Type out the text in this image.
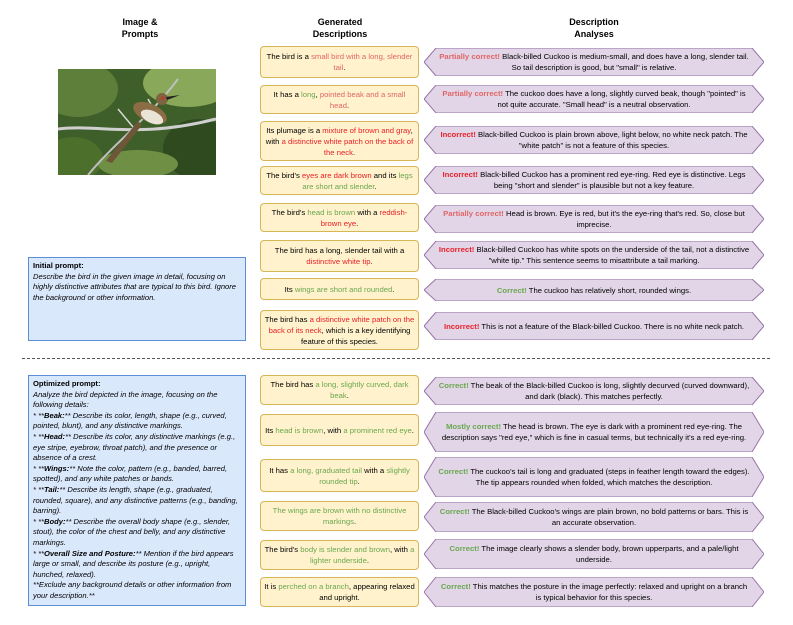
Image &
Prompts
Generated
Descriptions
Description
Analyses
Initial prompt:
Describe the bird in the given image in detail, focusing on highly distinctive attributes that are typical to this bird. Ignore the background or other information.
Optimized prompt:
Analyze the bird depicted in the image, focusing on the following details:
* **Beak:** Describe its color, length, shape (e.g., curved, pointed, blunt), and any distinctive markings.
* **Head:** Describe its color, any distinctive markings (e.g., eye stripe, eyebrow, throat patch), and the presence or absence of a crest.
* **Wings:** Note the color, pattern (e.g., banded, barred, spotted), and any white patches or bands.
* **Tail:** Describe its length, shape (e.g., graduated, rounded, square), and any distinctive patterns (e.g., banding, barring).
* **Body:** Describe the overall body shape (e.g., slender, stout), the color of the chest and belly, and any distinctive markings.
* **Overall Size and Posture:** Mention if the bird appears large or small, and describe its posture (e.g., upright, hunched, relaxed).
**Exclude any background details or other information from your description.**
The bird is a small bird with a long, slender tail.
Partially correct! Black-billed Cuckoo is medium-small, and does have a long, slender tail. So tail description is good, but "small" is relative.
It has a long, pointed beak and a small head.
Partially correct! The cuckoo does have a long, slightly curved beak, though "pointed" is not quite accurate. "Small head" is a neutral observation.
Its plumage is a mixture of brown and gray, with a distinctive white patch on the back of the neck.
Incorrect! Black-billed Cuckoo is plain brown above, light below, no white neck patch. The "white patch" is not a feature of this species.
The bird's eyes are dark brown and its legs are short and slender.
Incorrect! Black-billed Cuckoo has a prominent red eye-ring. Red eye is distinctive. Legs being "short and slender" is plausible but not a key feature.
The bird's head is brown with a reddish-brown eye.
Partially correct! Head is brown. Eye is red, but it's the eye-ring that's red. So, close but imprecise.
The bird has a long, slender tail with a distinctive white tip.
Incorrect! Black-billed Cuckoo has white spots on the underside of the tail, not a distinctive "white tip." This sentence seems to misattribute a tail marking.
Its wings are short and rounded.	Correct! The cuckoo has relatively short, rounded wings.
The bird has a distinctive white patch on the back of its neck, which is a key identifying feature of this species.
Incorrect! This is not a feature of the Black-billed Cuckoo. There is no white neck patch.
The bird has a long, slightly curved, dark beak.
Correct! The beak of the Black-billed Cuckoo is long, slightly decurved (curved downward), and dark (black). This matches perfectly.
Its head is brown, with a prominent red eye.	Mostly correct! The head is brown. The eye is dark with a prominent red eye-ring. The description says "red eye," which is fine in casual terms, but technically it's a red eye-ring.
It has a long, graduated tail with a slightly rounded tip.
Correct! The cuckoo's tail is long and graduated (steps in feather length toward the edges). The tip appears rounded when folded, which matches the description.
The wings are brown with no distinctive markings.
Correct! The Black-billed Cuckoo's wings are plain brown, no bold patterns or bars. This is an accurate observation.
The bird's body is slender and brown, with a lighter underside.
Correct! The image clearly shows a slender body, brown upperparts, and a pale/light underside.
It is perched on a branch, appearing relaxed and upright.
Correct! This matches the posture in the image perfectly: relaxed and upright on a branch is typical behavior for this species.
